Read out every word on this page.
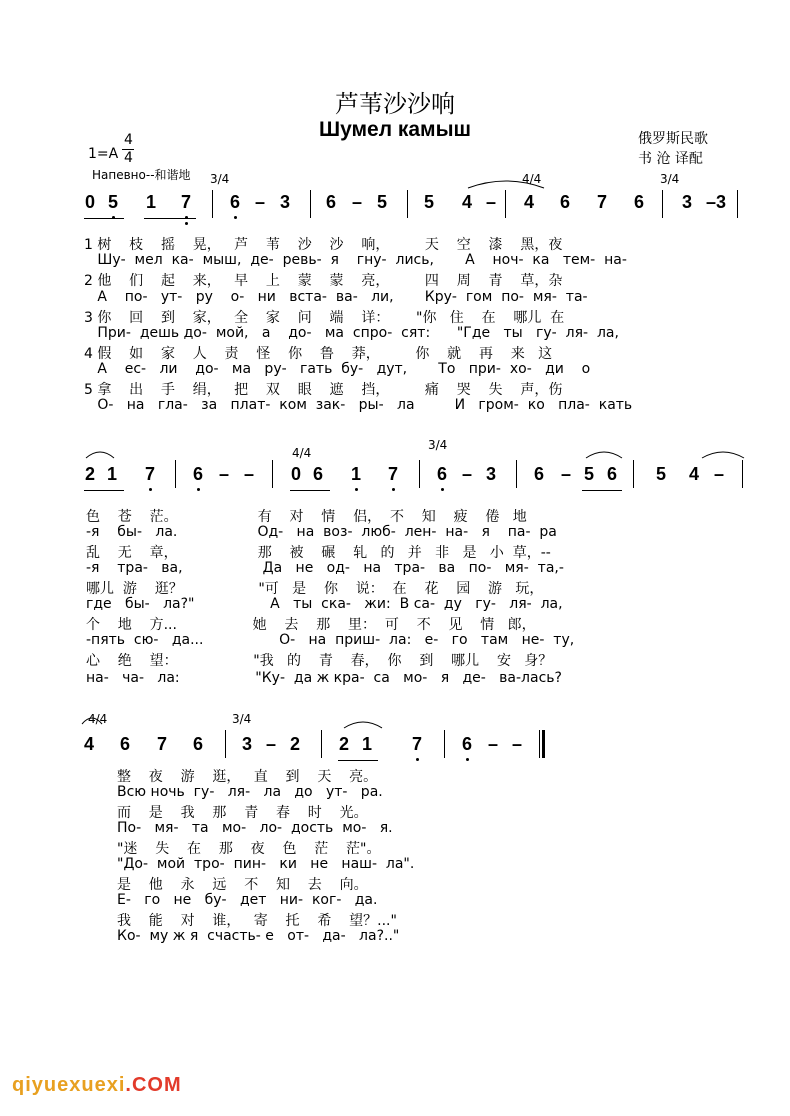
芦苇沙沙响
Шумел камыш	俄罗斯民歌
书 沧 译配
1=A
4
4
Напевно--和谐地 3/4	4/4	3/4
4/4
3/4
4/4	3/4
0 5 1 7 6 – 3 6 – 5 5 4 – 4 6 7 6 3 –3
1 树    枝    摇    晃，   芦    苇    沙    沙    响，        天    空    漆    黑，夜
Шу-  мел  ка-  мыш,  де-  ревь-  я    гну-  лись,       А    ноч-  ка   тем-  на-
2 他    们    起    来，   早    上    蒙    蒙    亮，        四    周    青    草，杂
А    по-   ут-   ру    о-   ни   вста-  ва-   ли,       Кру-  гом  по-  мя-  та-
3 你    回    到    家，   全    家    问    端    详：      "你   住    在    哪儿  在
При-  дешь до-  мой,   а    до-   ма  спро-  сят:      "Где   ты   гу-  ля-  ла,
4 假    如    家    人    责    怪    你    鲁    莽，        你    就    再    来   这
А    ес-   ли    до-   ма   ру-   гать  бу-   дут,       То   при-  хо-   ди    о
5 拿    出    手    绢，   把    双    眼    遮    挡，        痛    哭    失    声，伤
О-   на   гла-   за   плат-  ком  зак-   ры-   ла         И   гром-  ко   пла-  кать
2 1 7 6 – – 0 6 1 7 6 – 3 6 – 5 6 5 4 –
色    苍    茫。                  有    对    情    侣，  不    知    疲    倦   地
-я    бы-   ла.                  Од-   на  воз-  люб-  лен-  на-   я    па-  ра
乱    无    章，                  那    被    碾    轧   的   并   非   是   小  草，--
-я    тра-   ва,                  Да   не   од-   на   тра-   ва   по-   мя-  та,-
哪儿  游    逛？                 "可   是    你    说：  在    花    园    游   玩，
где   бы-   ла?"                 А   ты  ска-   жи:  В са-  ду   гу-   ля-  ла,
个    地    方...                 她    去    那    里：  可    不    见    情   郎，
-пять  сю-   да...                 О-   на  приш-  ла:   е-   го   там   не-  ту,
心    绝    望：                 "我   的    青    春，  你    到    哪儿    安   身？
на-   ча-   ла:                 "Ку-  да ж кра-  са   мо-   я   де-   ва-лась?
4 6 7 6 3 – 2 2 1 7 6 – –
整    夜    游    逛，   直    到    天    亮。
Всю ночь  гу-   ля-   ла   до   ут-   ра.
而    是    我    那    青    春    时    光。
По-   мя-   та   мо-   ло-  дость  мо-   я.
"迷    失    在    那    夜    色    茫    茫"。
"До-  мой  тро-  пин-   ки   не   наш-  ла".
是    他    永    远    不    知    去    向。
Е-   го   не   бу-   дет   ни-  ког-   да.
我    能    对    谁，   寄    托    希    望？..."
Ко-  му ж я  счасть- е   от-   да-   ла?.."
qiyuexuexi.COM
